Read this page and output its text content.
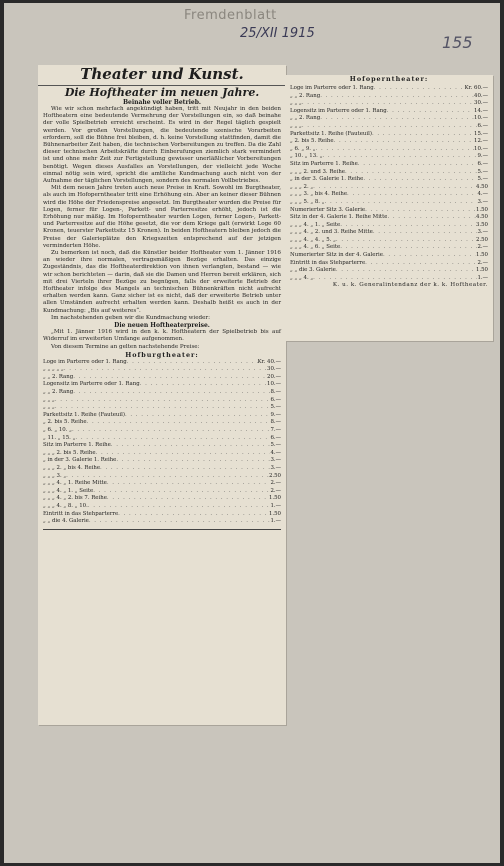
Fremdenblatt
25/XII 1915	155

Theater und Kunst.

Die Hoftheater im neuen Jahre.

Beinahe voller Betrieb.

Wie wir schon mehrfach angekündigt haben, tritt mit Neujahr in den beiden Hoftheatern eine bedeutende Vermehrung der Vorstellungen ein, so daß beinahe der volle Spielbetrieb erreicht erscheint. Es wird in der Regel täglich gespielt werden. Vor großen Vorstellungen, die bedeutende szenische Vorarbeiten erfordern, soll die Bühne frei bleiben, d. h. keine Vorstellung stattfinden, damit die Bühnenarbeiter Zeit haben, die technischen Vorbereitungen zu treffen. Da die Zahl dieser technischen Arbeitskräfte durch Einberufungen ziemlich stark vermindert ist und ohne mehr Zeit zur Fertigstellung gewisser unerläßlicher Vorbereitungen benötigt. Wegen dieses Ausfalles an Vorstellungen, der vielleicht jede Woche einmal nötig sein wird, spricht die amtliche Kundmachung auch nicht von der Aufnahme der täglichen Vorstellungen, sondern des normalen Vollbetriebes.

Mit dem neuen Jahre treten auch neue Preise in Kraft. Sowohl im Burgtheater, als auch im Hofoperntheater tritt eine Erhöhung ein. Aber an keiner dieser Bühnen wird die Höhe der Friedenspreise angesetzt. Im Burgtheater wurden die Preise für Logen, ferner für Logen-, Parkett- und Parterresitze erhöht, jedoch ist die Erhöhung nur mäßig. Im Hofoperntheater wurden Logen, ferner Logen-, Parkett- und Parterresitze auf die Höhe gesetzt, die vor dem Kriege galt (erwirkt Loge 60 Kronen, teuerster Parkettsitz 15 Kronen). In beiden Hoftheatern bleiben jedoch die Preise der Galerieplätze den Kriegszeiten entsprechend auf der jetzigen verminderten Höhe.

Zu bemerken ist noch, daß die Künstler beider Hoftheater vom 1. Jänner 1916 an wieder ihre normalen, vertragsmäßigen Bezüge erhalten. Das einzige Zugeständnis, das die Hoftheaterdirektion von ihnen verlangten, bestand — wie wir schon berichteten — darin, daß sie die Damen und Herren bereit erklären, sich mit drei Vierteln ihrer Bezüge zu begnügen, falls der erweiterte Betrieb der Hoftheater infolge des Mangels an technischen Bühnenkräften nicht aufrecht erhalten werden kann. Ganz sicher ist es nicht, daß der erweiterte Betrieb unter allen Umständen aufrecht erhalten werden kann. Deshalb heißt es auch in der Kundmachung: „Bis auf weiteres“.

Im nachstehenden geben wir die Kundmachung wieder:

Die neuen Hoftheaterpreise.

„Mit 1. Jänner 1916 wird in den k. k. Hoftheatern der Spielbetrieb bis auf Widerruf im erweiterten Umfange aufgenommen.

Von diesem Termine an gelten nachstehende Preise:

Hofburgtheater:

Loge im Parterre oder 1. Rang . . .	Kr. 40.—
„ „ „ „ „ . . .	30.—
„ „ 2. Rang . . .	20.—
Logensitz im Parterre oder 1. Rang . . .	10.—
„ „ 2. Rang . . .	8.—
„ „ „ . . .	6.—
„ „ „ . . .	5.—
Parkettsitz 1. Reihe (Fauteuil) . . .	9.—
„ 2. bis 5. Reihe . . .	8.—
„ 6. „ 10. „ . . .	7.—
„ 11. „ 15. „ . . .	6.—
Sitz im Parterre 1. Reihe . . .	5.—
„ „ „ 2. bis 5. Reihe . . .	4.—
„ in der 3. Galerie 1. Reihe . . .	3.—
„ „ „ 2. „ bis 4. Reihe . . .	3.—
„ „ „ 3. „ . . .	2.50
„ „ „ 4. „ 1. Reihe Mitte . . .	2.—
„ „ „ 4. „ 1. „ Seite . . .	2.—
„ „ „ 4. „ 2. bis 7. Reihe . . .	1.50
„ „ „ 4. „ 8. „ 10. . . .	1.—
Eintritt in das Stehparterre . . .	1.50
„ „ die 4. Galerie . . .	1.—

Hofoperntheater:

Loge im Parterre oder 1. Rang . . .	Kr. 60.—
„ „ 2. Rang . . .	40.—
„ „ „ . . .	30.—
Logensitz im Parterre oder 1. Rang . . .	14.—
„ „ 2. Rang . . .	10.—
„ „ „ . . .	6.—
Parkettsitz 1. Reihe (Fauteuil) . . .	15.—
„ 2. bis 5. Reihe . . .	12.—
„ 6. „ 9. „ . . .	10.—
„ 10. „ 13. „ . . .	9.—
Sitz im Parterre 1. Reihe . . .	6.—
„ „ „ 2. und 3. Reihe . . .	5.—
„ in der 3. Galerie 1. Reihe . . .	5.—
„ „ „ 2. „ . . .	4.50
„ „ „ 3. „ bis 4. Reihe . . .	4.—
„ „ „ 5. „ 8. „ . . .	3.—
Numerierter Sitz 3. Galerie . . .	1.50
Sitz in der 4. Galerie 1. Reihe Mitte . . .	4.50
„ „ „ 4. „ 1. „ Seite . . .	3.50
„ „ „ 4. „ 2. und 3. Reihe Mitte . . .	3.—
„ „ „ 4. „ 4. „ 5. „ . . .	2.50
„ „ „ 4. „ 6. „ Seite . . .	2.—
Numerierter Sitz in der 4. Galerie . . .	1.50
Eintritt in das Stehparterre . . .	2.—
„ „ die 3. Galerie . . .	1.50
„ „ „ 4. „ . . .	1.—

K. u. k. Generalintendanz der k. k. Hoftheater.
